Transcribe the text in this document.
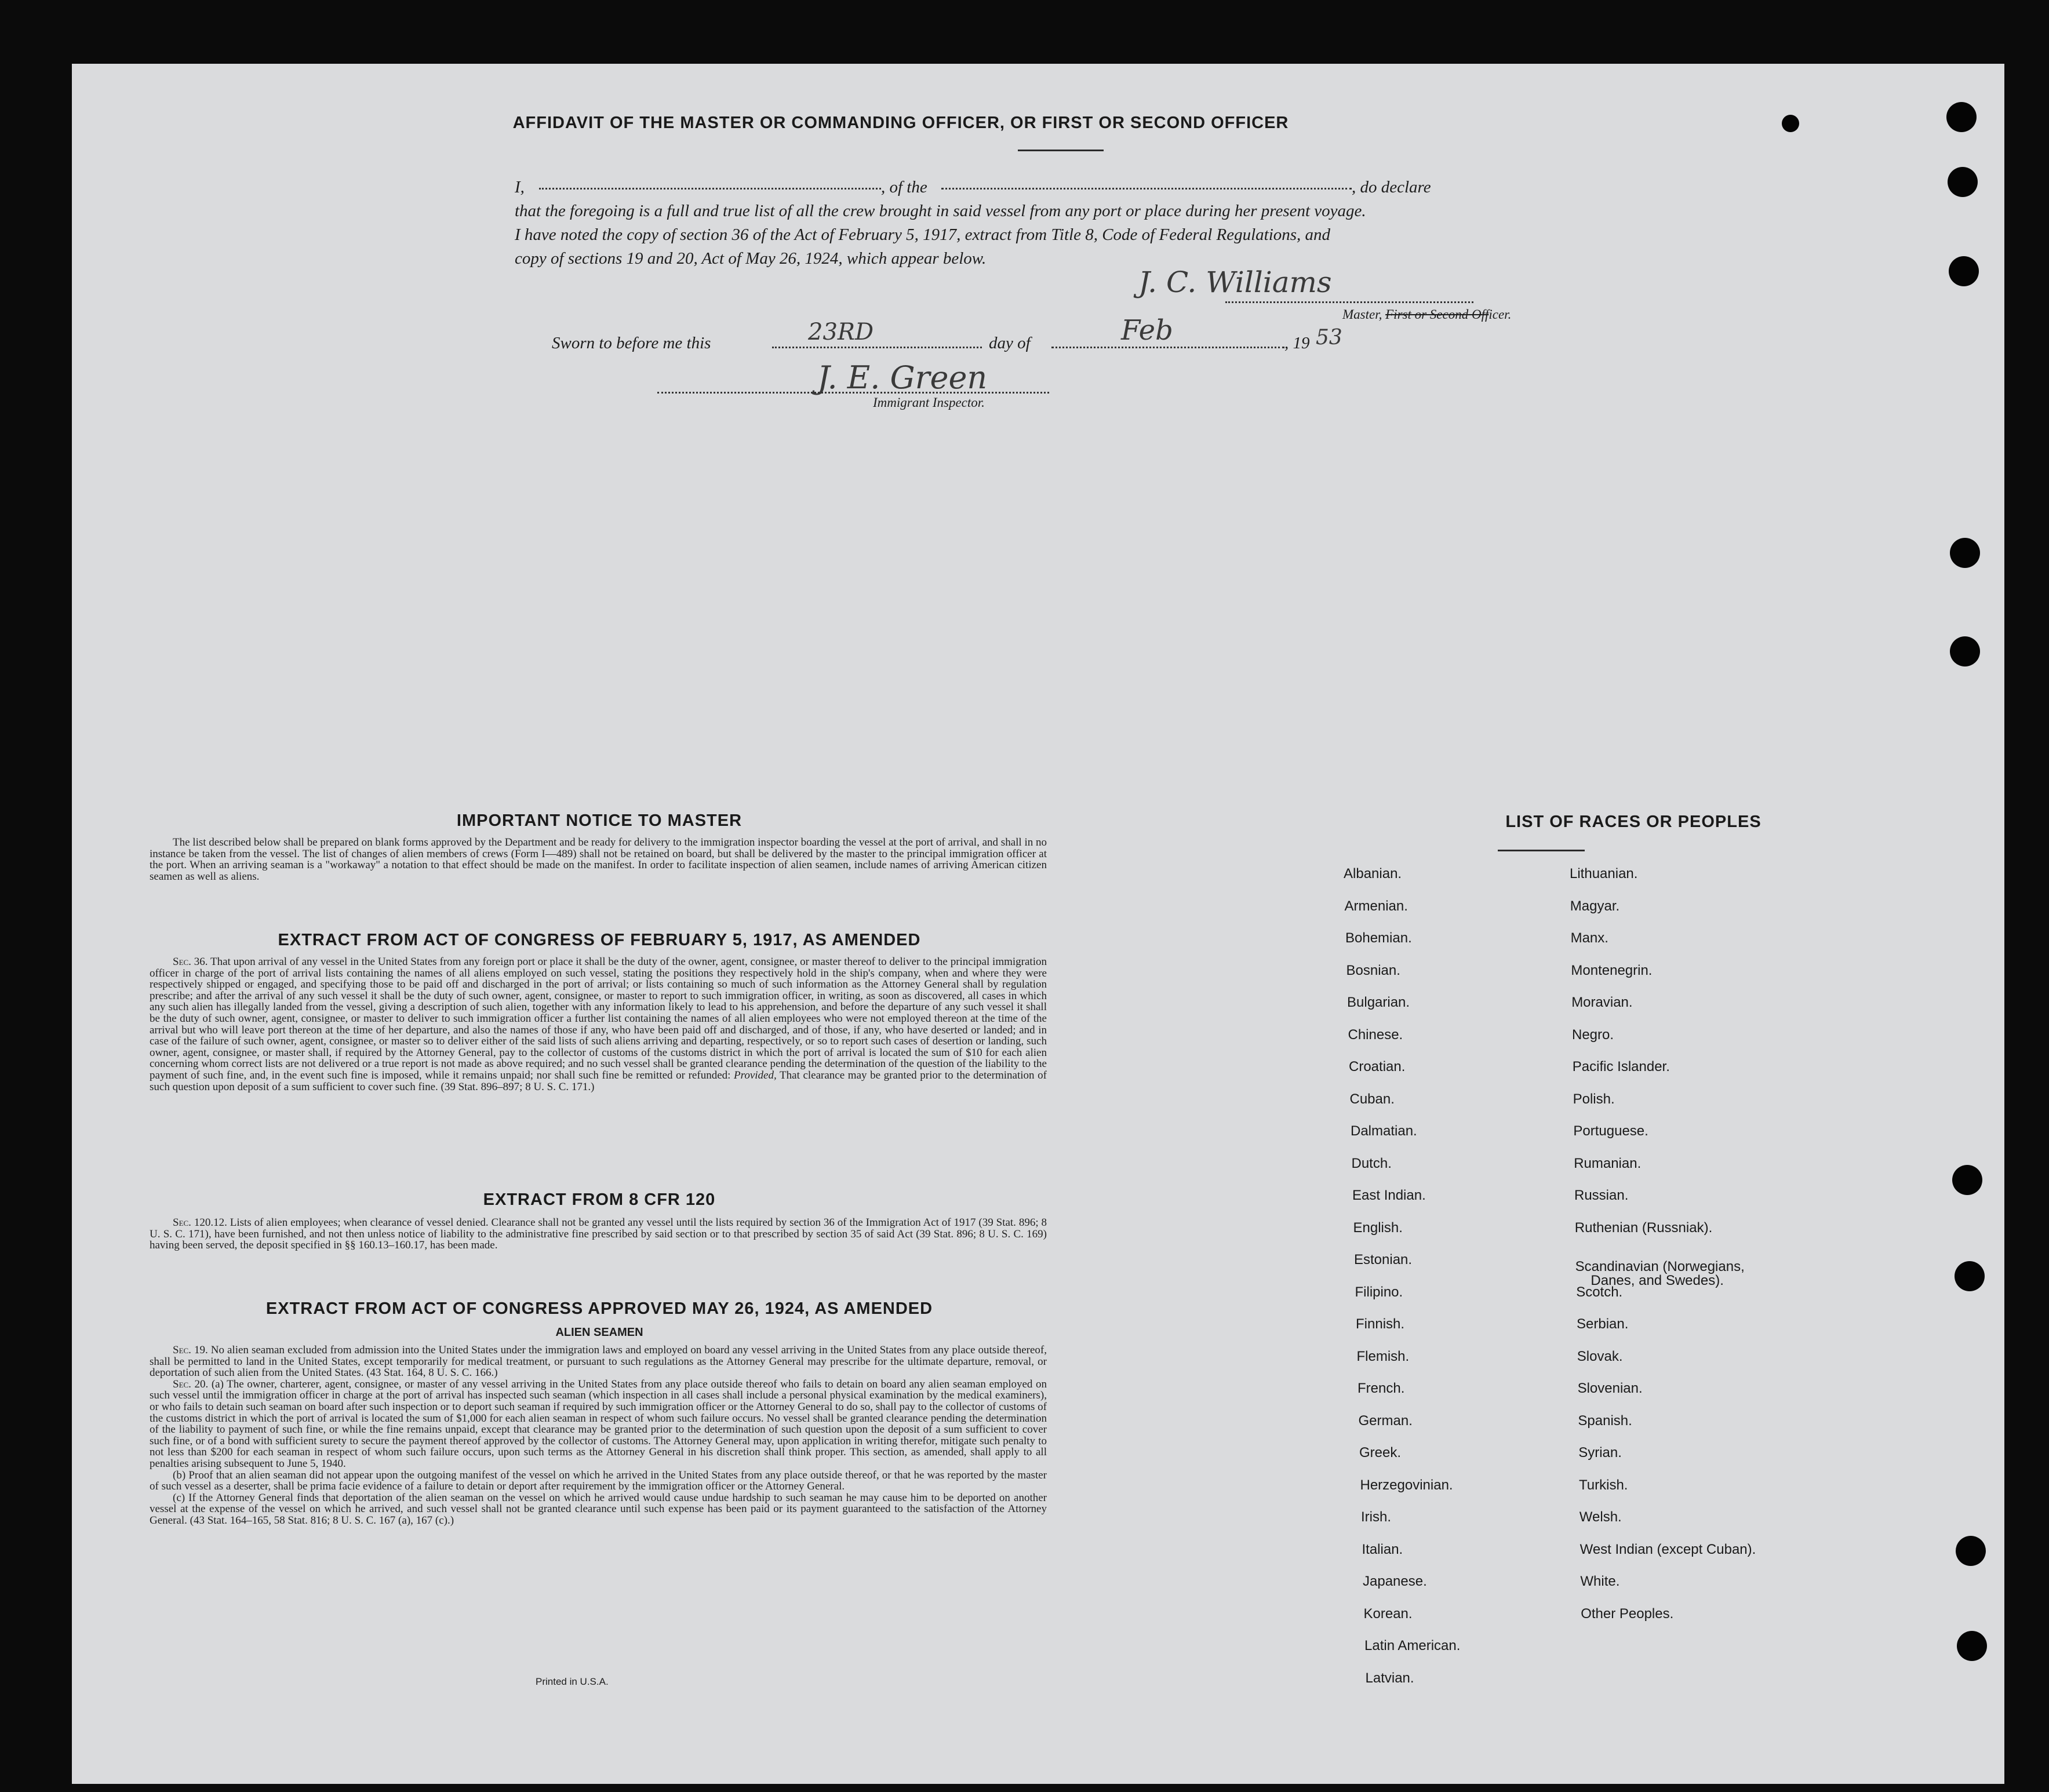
AFFIDAVIT OF THE MASTER OR COMMANDING OFFICER, OR FIRST OR SECOND OFFICER
I,	, of the	, do declare
that the foregoing is a full and true list of all the crew brought in said vessel from any port or place during her present voyage.
I have noted the copy of section 36 of the Act of February 5, 1917, extract from Title 8, Code of Federal Regulations, and
copy of sections 19 and 20, Act of May 26, 1924, which appear below.
J. C. Williams
Master, First or Second Officer.
Sworn to before me this	23RD	day of	Feb	, 19 53
J. E. Green
Immigrant Inspector.
IMPORTANT NOTICE TO MASTER

The list described below shall be prepared on blank forms approved by the Department and be ready for delivery to the immigration inspector boarding the vessel at the port of arrival, and shall in no instance be taken from the vessel. The list of changes of alien members of crews (Form I—489) shall not be retained on board, but shall be delivered by the master to the principal immigration officer at the port. When an arriving seaman is a "workaway" a notation to that effect should be made on the manifest. In order to facilitate inspection of alien seamen, include names of arriving American citizen seamen as well as aliens.

EXTRACT FROM ACT OF CONGRESS OF FEBRUARY 5, 1917, AS AMENDED

Sec. 36. That upon arrival of any vessel in the United States from any foreign port or place it shall be the duty of the owner, agent, consignee, or master thereof to deliver to the principal immigration officer in charge of the port of arrival lists containing the names of all aliens employed on such vessel, stating the positions they respectively hold in the ship's company, when and where they were respectively shipped or engaged, and specifying those to be paid off and discharged in the port of arrival; or lists containing so much of such information as the Attorney General shall by regulation prescribe; and after the arrival of any such vessel it shall be the duty of such owner, agent, consignee, or master to report to such immigration officer, in writing, as soon as discovered, all cases in which any such alien has illegally landed from the vessel, giving a description of such alien, together with any information likely to lead to his apprehension, and before the departure of any such vessel it shall be the duty of such owner, agent, consignee, or master to deliver to such immigration officer a further list containing the names of all alien employees who were not employed thereon at the time of the arrival but who will leave port thereon at the time of her departure, and also the names of those if any, who have been paid off and discharged, and of those, if any, who have deserted or landed; and in case of the failure of such owner, agent, consignee, or master so to deliver either of the said lists of such aliens arriving and departing, respectively, or so to report such cases of desertion or landing, such owner, agent, consignee, or master shall, if required by the Attorney General, pay to the collector of customs of the customs district in which the port of arrival is located the sum of $10 for each alien concerning whom correct lists are not delivered or a true report is not made as above required; and no such vessel shall be granted clearance pending the determination of the question of the liability to the payment of such fine, and, in the event such fine is imposed, while it remains unpaid; nor shall such fine be remitted or refunded: Provided, That clearance may be granted prior to the determination of such question upon deposit of a sum sufficient to cover such fine. (39 Stat. 896–897; 8 U. S. C. 171.)

EXTRACT FROM 8 CFR 120

Sec. 120.12. Lists of alien employees; when clearance of vessel denied. Clearance shall not be granted any vessel until the lists required by section 36 of the Immigration Act of 1917 (39 Stat. 896; 8 U. S. C. 171), have been furnished, and not then unless notice of liability to the administrative fine prescribed by said section or to that prescribed by section 35 of said Act (39 Stat. 896; 8 U. S. C. 169) having been served, the deposit specified in §§ 160.13–160.17, has been made.

EXTRACT FROM ACT OF CONGRESS APPROVED MAY 26, 1924, AS AMENDED
ALIEN SEAMEN

Sec. 19. No alien seaman excluded from admission into the United States under the immigration laws and employed on board any vessel arriving in the United States from any place outside thereof, shall be permitted to land in the United States, except temporarily for medical treatment, or pursuant to such regulations as the Attorney General may prescribe for the ultimate departure, removal, or deportation of such alien from the United States. (43 Stat. 164, 8 U. S. C. 166.)

Sec. 20. (a) The owner, charterer, agent, consignee, or master of any vessel arriving in the United States from any place outside thereof who fails to detain on board any alien seaman employed on such vessel until the immigration officer in charge at the port of arrival has inspected such seaman (which inspection in all cases shall include a personal physical examination by the medical examiners), or who fails to detain such seaman on board after such inspection or to deport such seaman if required by such immigration officer or the Attorney General to do so, shall pay to the collector of customs of the customs district in which the port of arrival is located the sum of $1,000 for each alien seaman in respect of whom such failure occurs. No vessel shall be granted clearance pending the determination of the liability to payment of such fine, or while the fine remains unpaid, except that clearance may be granted prior to the determination of such question upon the deposit of a sum sufficient to cover such fine, or of a bond with sufficient surety to secure the payment thereof approved by the collector of customs. The Attorney General may, upon application in writing therefor, mitigate such penalty to not less than $200 for each seaman in respect of whom such failure occurs, upon such terms as the Attorney General in his discretion shall think proper. This section, as amended, shall apply to all penalties arising subsequent to June 5, 1940.

(b) Proof that an alien seaman did not appear upon the outgoing manifest of the vessel on which he arrived in the United States from any place outside thereof, or that he was reported by the master of such vessel as a deserter, shall be prima facie evidence of a failure to detain or deport after requirement by the immigration officer or the Attorney General.

(c) If the Attorney General finds that deportation of the alien seaman on the vessel on which he arrived would cause undue hardship to such seaman he may cause him to be deported on another vessel at the expense of the vessel on which he arrived, and such vessel shall not be granted clearance until such expense has been paid or its payment guaranteed to the satisfaction of the Attorney General. (43 Stat. 164–165, 58 Stat. 816; 8 U. S. C. 167 (a), 167 (c).)

Printed in U.S.A.
LIST OF RACES OR PEOPLES
Albanian.
Armenian.
Bohemian.
Bosnian.
Bulgarian.
Chinese.
Croatian.
Cuban.
Dalmatian.
Dutch.
East Indian.
English.
Estonian.
Filipino.
Finnish.
Flemish.
French.
German.
Greek.
Herzegovinian.
Irish.
Italian.
Japanese.
Korean.
Latin American.
Latvian.
Lithuanian.
Magyar.
Manx.
Montenegrin.
Moravian.
Negro.
Pacific Islander.
Polish.
Portuguese.
Rumanian.
Russian.
Ruthenian (Russniak).
Scandinavian (Norwegians,
Danes, and Swedes).
Scotch.
Serbian.
Slovak.
Slovenian.
Spanish.
Syrian.
Turkish.
Welsh.
West Indian (except Cuban).
White.
Other Peoples.
